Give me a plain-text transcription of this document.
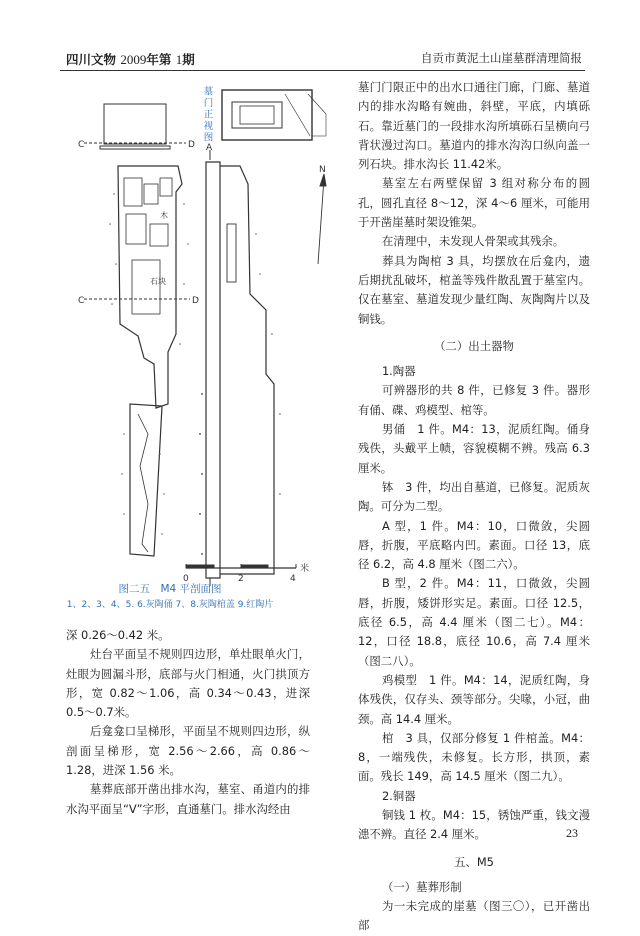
四川文物 2009年第 1期	自贡市黄泥土山崖墓群清理简报
C	D
C	D
A
N
石块
木
0	2	4
米
墓门正视图
图二五　M4 平剖面图
1、2、3、4、5. 6.灰陶俑 7、8.灰陶棺盖 9.红陶片

墓门门限正中的出水口通往门廊，门廊、墓道内的排水沟略有婉曲，斜壁，平底，内填砾石。靠近墓门的一段排水沟所填砾石呈横向弓背状漫过沟口。墓道内的排水沟沟口纵向盖一列石块。排水沟长 11.42米。

墓室左右两壁保留 3 组对称分布的圆孔，圆孔直径 8～12，深 4～6 厘米，可能用于开凿崖墓时架设锥架。

在清理中，未发现人骨架或其残余。

葬具为陶棺 3 具，均摆放在后龛内，遗后期扰乱破坏，棺盖等残件散乱置于墓室内。仅在墓室、墓道发现少量红陶、灰陶陶片以及铜钱。

（二）出土器物

1.陶器

可辨器形的共 8 件，已修复 3 件。器形有俑、碟、鸡模型、棺等。

男俑　1 件。M4：13，泥质红陶。俑身残佚，头戴平上帻，容貌模糊不辨。残高 6.3 厘米。

钵　3 件，均出自墓道，已修复。泥质灰陶。可分为二型。

A 型，1 件。M4：10，口微敛，尖圆唇，折腹，平底略内凹。素面。口径 13，底径 6.2，高 4.8 厘米（图二六）。

B 型，2 件。M4：11，口微敛，尖圆唇，折腹，矮饼形实足。素面。口径 12.5，底径 6.5，高 4.4 厘米（图二七）。M4：12，口径 18.8，底径 10.6，高 7.4 厘米（图二八）。

鸡模型　1 件。M4：14，泥质红陶，身体残佚，仅存头、颈等部分。尖喙，小冠，曲颈。高 14.4 厘米。

棺　3 具，仅部分修复 1 件棺盖。M4：8，一端残佚，未修复。长方形，拱顶，素面。残长 149，高 14.5 厘米（图二九）。

2.铜器

铜钱 1 枚。M4：15，锈蚀严重，钱文漫漶不辨。直径 2.4 厘米。

五、M5

（一）墓葬形制

为一未完成的崖墓（图三〇），已开凿出部

深 0.26～0.42 米。

灶台平面呈不规则四边形，单灶眼单火门，灶眼为圆漏斗形，底部与火门相通，火门拱顶方形，宽 0.82～1.06，高 0.34～0.43，进深 0.5～0.7米。

后龛龛口呈梯形，平面呈不规则四边形，纵剖面呈梯形，宽 2.56～2.66，高 0.86～1.28，进深 1.56 米。

墓葬底部开凿出排水沟，墓室、甬道内的排水沟平面呈“V”字形，直通墓门。排水沟经由

23
